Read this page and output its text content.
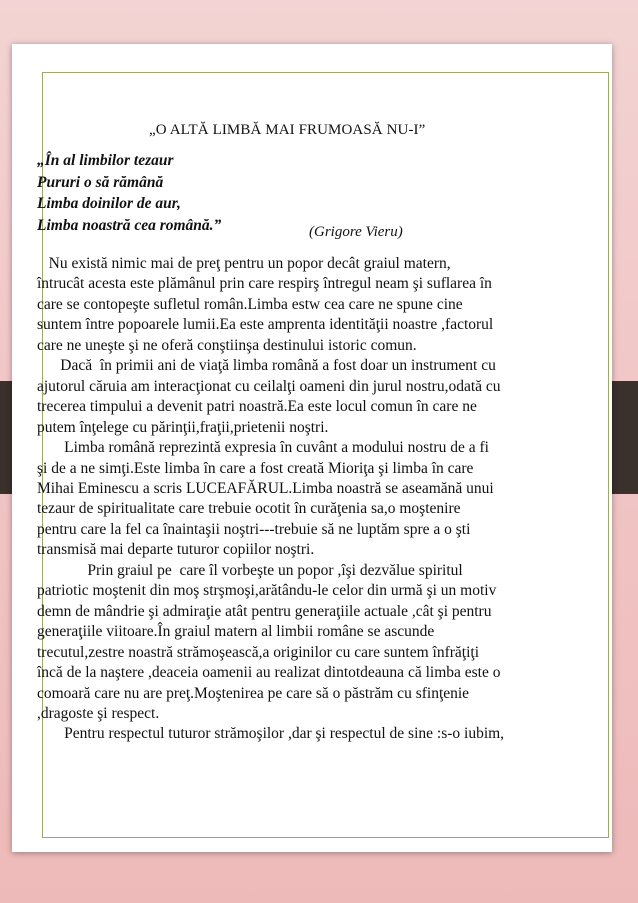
„O ALTĂ LIMBĂ MAI FRUMOASĂ NU-I”
„În al limbilor tezaur
Pururi o să rămână
Limba doinilor de aur,
Limba noastră cea română.”	(Grigore Vieru)
Nu există nimic mai de preţ pentru un popor decât graiul matern,
întrucât acesta este plămânul prin care respirş întregul neam şi suflarea în
care se contopeşte sufletul român.Limba estw cea care ne spune cine
suntem între popoarele lumii.Ea este amprenta identităţii noastre ,factorul
care ne uneşte şi ne oferă conştiinşa destinului istoric comun.
Dacă  în primii ani de viaţă limba română a fost doar un instrument cu
ajutorul căruia am interacţionat cu ceilalţi oameni din jurul nostru,odată cu
trecerea timpului a devenit patri noastră.Ea este locul comun în care ne
putem înţelege cu părinţii,fraţii,prietenii noştri.
Limba română reprezintă expresia în cuvânt a modului nostru de a fi
şi de a ne simţi.Este limba în care a fost creată Mioriţa şi limba în care
Mihai Eminescu a scris LUCEAFĂRUL.Limba noastră se aseamănă unui
tezaur de spiritualitate care trebuie ocotit în curăţenia sa,o moştenire
pentru care la fel ca înaintaşii noştri---trebuie să ne luptăm spre a o şti
transmisă mai departe tuturor copiilor noştri.
Prin graiul pe  care îl vorbeşte un popor ,îşi dezvălue spiritul
patriotic moştenit din moş strşmoşi,arătându-le celor din urmă şi un motiv
demn de mândrie şi admiraţie atât pentru generaţiile actuale ,cât şi pentru
generaţiile viitoare.În graiul matern al limbii române se ascunde
trecutul,zestre noastră strămoşească,a originilor cu care suntem înfrăţiţi
încă de la naştere ,deaceia oamenii au realizat dintotdeauna că limba este o
comoară care nu are preţ.Moştenirea pe care să o păstrăm cu sfinţenie
,dragoste şi respect.
Pentru respectul tuturor strămoşilor ,dar şi respectul de sine :s-o iubim,
